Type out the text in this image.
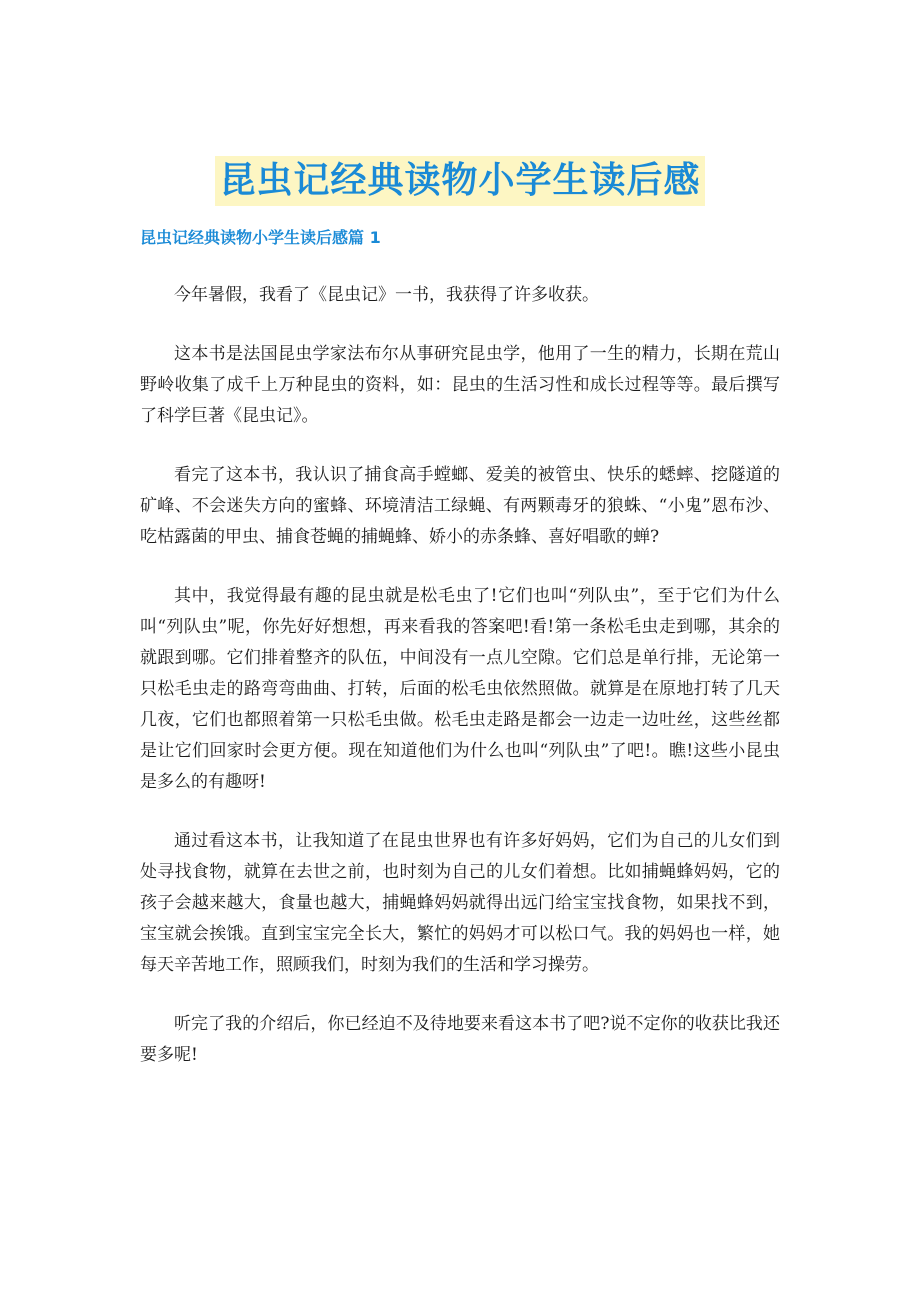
昆虫记经典读物小学生读后感
昆虫记经典读物小学生读后感篇 1

今年暑假，我看了《昆虫记》一书，我获得了许多收获。

这本书是法国昆虫学家法布尔从事研究昆虫学，他用了一生的精力，长期在荒山野岭收集了成千上万种昆虫的资料，如：昆虫的生活习性和成长过程等等。最后撰写了科学巨著《昆虫记》。

看完了这本书，我认识了捕食高手螳螂、爱美的被管虫、快乐的蟋蟀、挖隧道的矿峰、不会迷失方向的蜜蜂、环境清洁工绿蝇、有两颗毒牙的狼蛛、“小鬼”恩布沙、吃枯露菌的甲虫、捕食苍蝇的捕蝇蜂、娇小的赤条蜂、喜好唱歌的蝉?

其中，我觉得最有趣的昆虫就是松毛虫了!它们也叫“列队虫”，至于它们为什么叫“列队虫”呢，你先好好想想，再来看我的答案吧!看!第一条松毛虫走到哪，其余的就跟到哪。它们排着整齐的队伍，中间没有一点儿空隙。它们总是单行排，无论第一只松毛虫走的路弯弯曲曲、打转，后面的松毛虫依然照做。就算是在原地打转了几天几夜，它们也都照着第一只松毛虫做。松毛虫走路是都会一边走一边吐丝，这些丝都是让它们回家时会更方便。现在知道他们为什么也叫“列队虫”了吧!。瞧!这些小昆虫是多么的有趣呀!

通过看这本书，让我知道了在昆虫世界也有许多好妈妈，它们为自己的儿女们到处寻找食物，就算在去世之前，也时刻为自己的儿女们着想。比如捕蝇蜂妈妈，它的孩子会越来越大，食量也越大，捕蝇蜂妈妈就得出远门给宝宝找食物，如果找不到，宝宝就会挨饿。直到宝宝完全长大，繁忙的妈妈才可以松口气。我的妈妈也一样，她每天辛苦地工作，照顾我们，时刻为我们的生活和学习操劳。

听完了我的介绍后，你已经迫不及待地要来看这本书了吧?说不定你的收获比我还要多呢!
